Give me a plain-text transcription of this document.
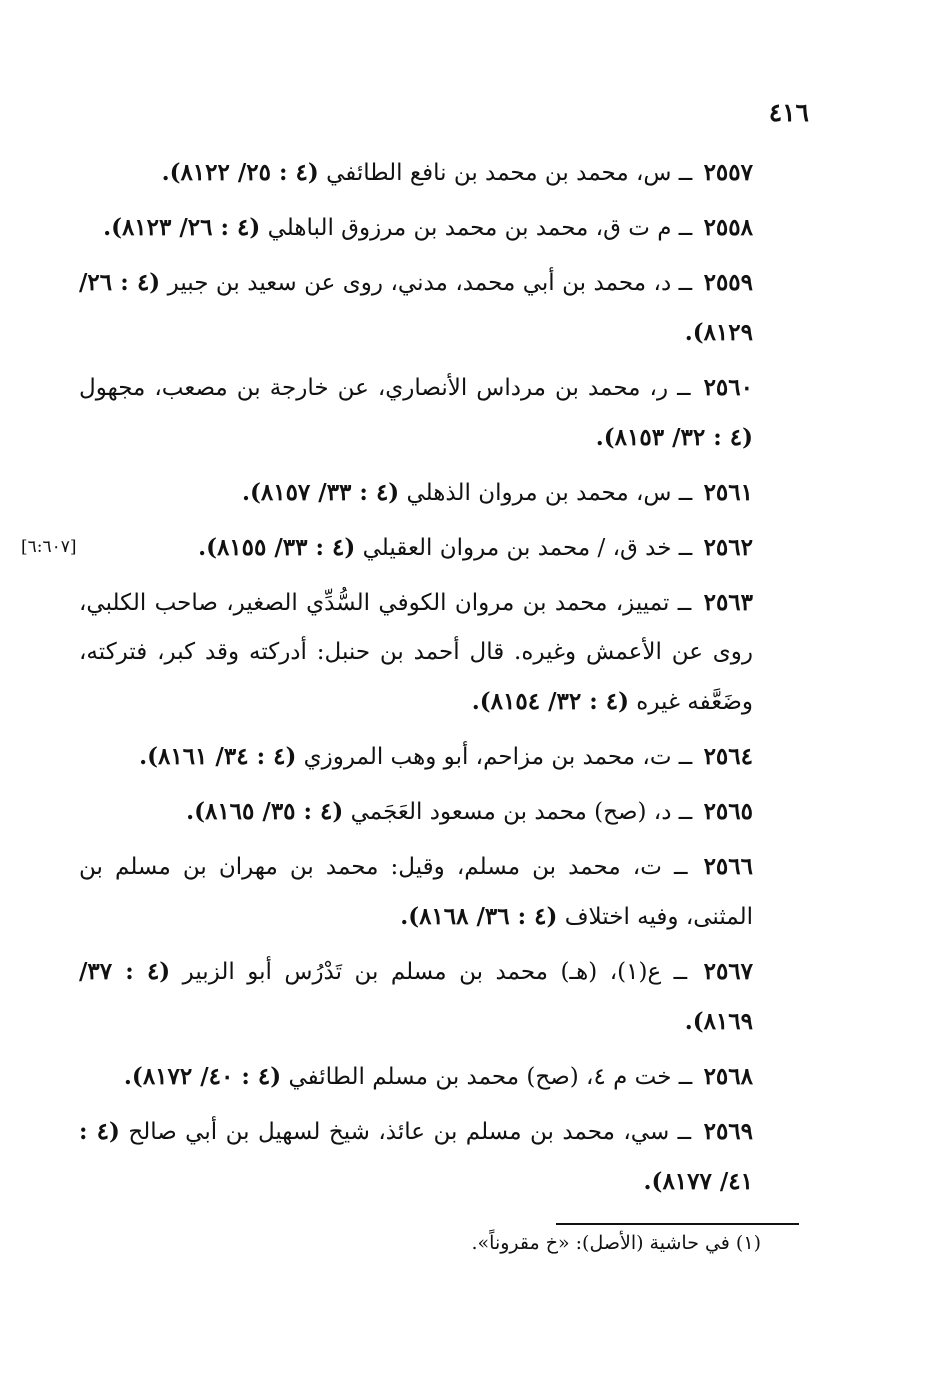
٤١٦

٢٥٥٧ ــ س، محمد بن محمد بن نافع الطائفي (٤ : ٢٥/ ٨١٢٢).

٢٥٥٨ ــ م ت ق، محمد بن محمد بن مرزوق الباهلي (٤ : ٢٦/ ٨١٢٣).

٢٥٥٩ ــ د، محمد بن أبي محمد، مدني، روى عن سعيد بن جبير (٤ : ٢٦/ ٨١٢٩).

٢٥٦٠ ــ ر، محمد بن مرداس الأنصاري، عن خارجة بن مصعب، مجهول (٤ : ٣٢/ ٨١٥٣).

٢٥٦١ ــ س، محمد بن مروان الذهلي (٤ : ٣٣/ ٨١٥٧).

٢٥٦٢ ــ خد ق، / محمد بن مروان العقيلي (٤ : ٣٣/ ٨١٥٥).
[٦:٦٠٧]

٢٥٦٣ ــ تمييز، محمد بن مروان الكوفي السُّدِّي الصغير، صاحب الكلبي، روى عن الأعمش وغيره. قال أحمد بن حنبل: أدركته وقد كبر، فتركته، وضَعَّفه غيره (٤ : ٣٢/ ٨١٥٤).

٢٥٦٤ ــ ت، محمد بن مزاحم، أبو وهب المروزي (٤ : ٣٤/ ٨١٦١).

٢٥٦٥ ــ د، (صح) محمد بن مسعود العَجَمي (٤ : ٣٥/ ٨١٦٥).

٢٥٦٦ ــ ت، محمد بن مسلم، وقيل: محمد بن مهران بن مسلم بن المثنى، وفيه اختلاف (٤ : ٣٦/ ٨١٦٨).

٢٥٦٧ ــ ع(١)، (هـ) محمد بن مسلم بن تَدْرُس أبو الزبير (٤ : ٣٧/ ٨١٦٩).

٢٥٦٨ ــ خت م ٤، (صح) محمد بن مسلم الطائفي (٤ : ٤٠/ ٨١٧٢).

٢٥٦٩ ــ سي، محمد بن مسلم بن عائذ، شيخ لسهيل بن أبي صالح (٤ : ٤١/ ٨١٧٧).

(١) في حاشية (الأصل): «خ مقروناً».
